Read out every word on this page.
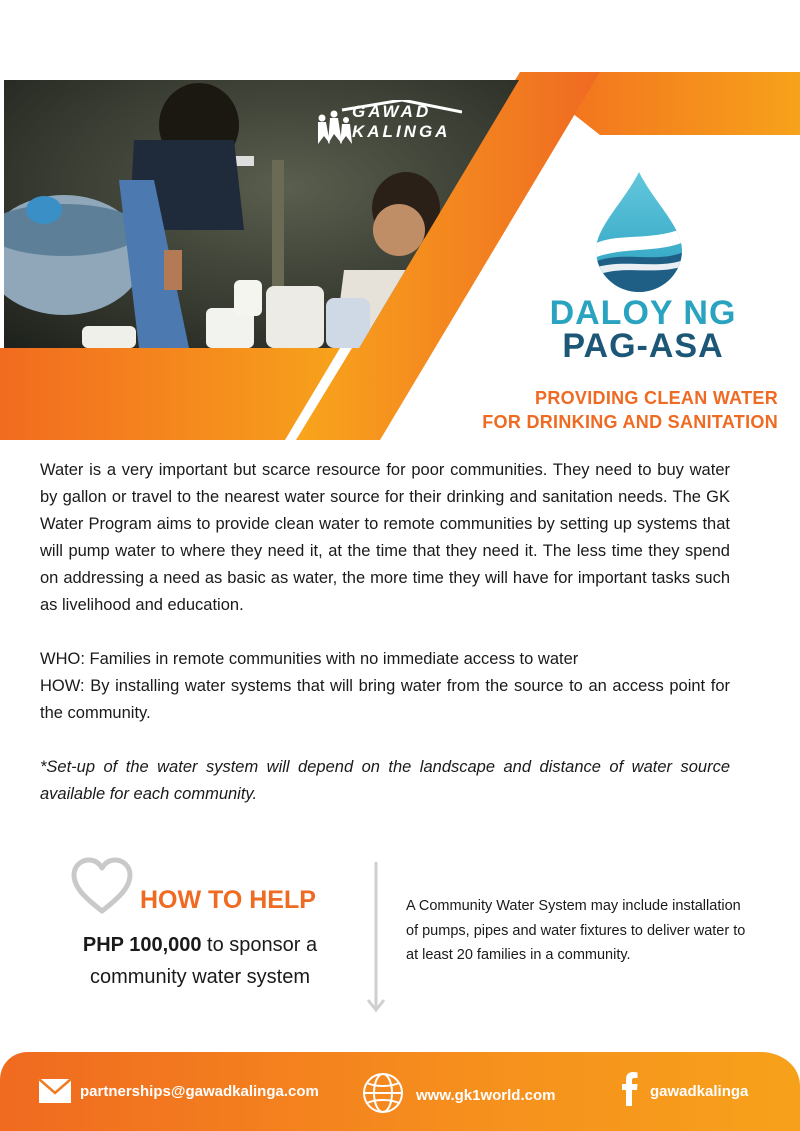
GAWAD
KALINGA
DALOY NG
PAG-ASA
PROVIDING CLEAN WATER
FOR DRINKING AND SANITATION

Water is a very important but scarce resource for poor communities. They need to buy water by gallon or travel to the nearest water source for their drinking and sanitation needs. The GK Water Program aims to provide clean water to remote communities by setting up systems that will pump water to where they need it, at the time that they need it. The less time they spend on addressing a need as basic as water, the more time they will have for important tasks such as livelihood and education.

WHO: Families in remote communities with no immediate access to water

HOW: By installing water systems that will bring water from the source to an access point for the community.

*Set-up of the water system will depend on the landscape and distance of water source available for each community.

HOW TO HELP
PHP 100,000 to sponsor a
community water system
A Community Water System may include installation of pumps, pipes and water fixtures to deliver water to at least 20 families in a community.
partnerships@gawadkalinga.com	www.gk1world.com	gawadkalinga
